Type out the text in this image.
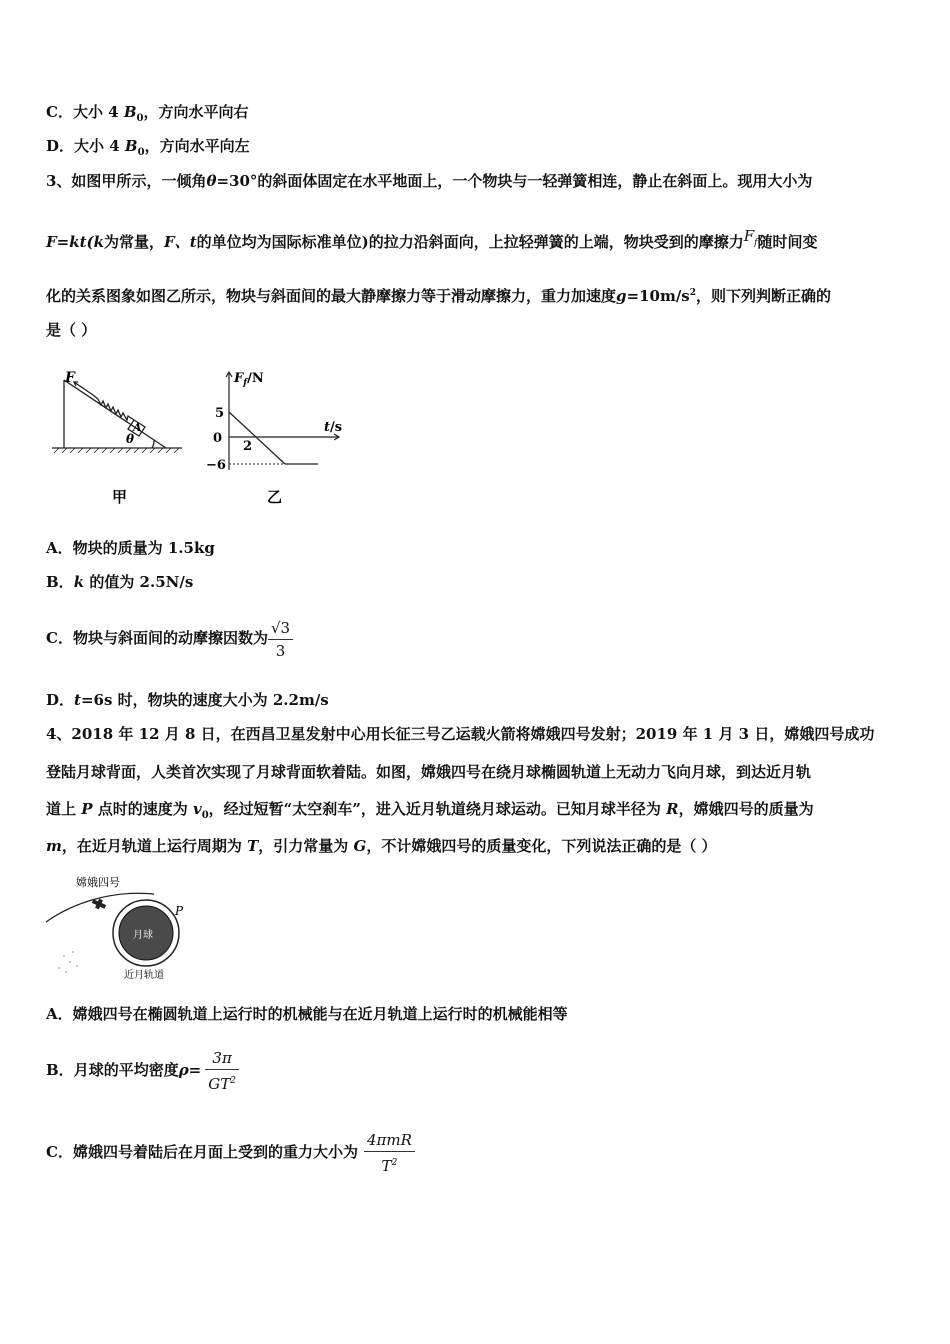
C．大小 4 $B_0$，方向水平向右
D．大小 4 $B_0$，方向水平向左
3、如图甲所示，一倾角θ=30°的斜面体固定在水平地面上，一个物块与一轻弹簧相连，静止在斜面上。现用大小为
F=kt(k为常量，F、t的单位均为国际标准单位)的拉力沿斜面向，上拉轻弹簧的上端，物块受到的摩擦力$F_f$随时间变
化的关系图象如图乙所示，物块与斜面间的最大静摩擦力等于滑动摩擦力，重力加速度$g=10m/s^2$，则下列判断正确的
是（ ）
F
A
θ
甲
$F_f/N$
t/s
5
0
−6
2
乙
A．物块的质量为 1.5kg
B．k 的值为 2.5N/s
C．物块与斜面间的动摩擦因数为 $\frac{√3}{3}$
D．t=6s 时，物块的速度大小为 2.2m/s
4、2018 年 12 月 8 日，在西昌卫星发射中心用长征三号乙运载火箭将嫦娥四号发射；2019 年 1 月 3 日，嫦娥四号成功
登陆月球背面，人类首次实现了月球背面软着陆。如图，嫦娥四号在绕月球椭圆轨道上无动力飞向月球，到达近月轨
道上 P 点时的速度为 $v_0$，经过短暂“太空刹车”，进入近月轨道绕月球运动。已知月球半径为 R，嫦娥四号的质量为
m，在近月轨道上运行周期为 T，引力常量为 G，不计嫦娥四号的质量变化，下列说法正确的是（ ）
嫦娥四号
P
月球
近月轨道
A．嫦娥四号在椭圆轨道上运行时的机械能与在近月轨道上运行时的机械能相等
B．月球的平均密度$\rho= \frac{3\pi}{GT^2}$
C．嫦娥四号着陆后在月面上受到的重力大小为 $\frac{\text{4πmR}}{T^2}$
